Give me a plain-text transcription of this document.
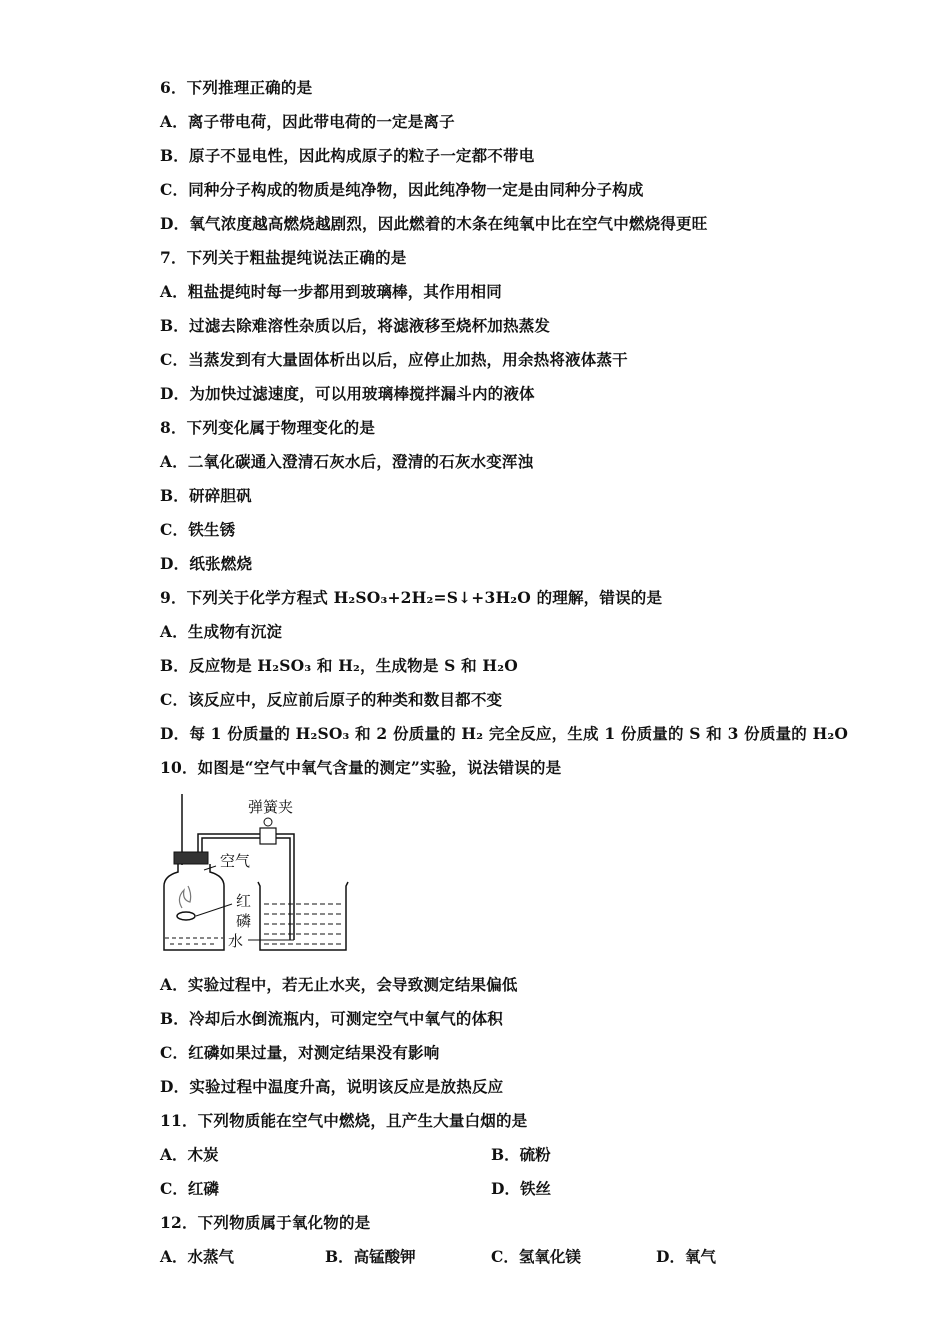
6．下列推理正确的是
A．离子带电荷，因此带电荷的一定是离子
B．原子不显电性，因此构成原子的粒子一定都不带电
C．同种分子构成的物质是纯净物，因此纯净物一定是由同种分子构成
D．氧气浓度越高燃烧越剧烈，因此燃着的木条在纯氧中比在空气中燃烧得更旺
7．下列关于粗盐提纯说法正确的是
A．粗盐提纯时每一步都用到玻璃棒，其作用相同
B．过滤去除难溶性杂质以后，将滤液移至烧杯加热蒸发
C．当蒸发到有大量固体析出以后，应停止加热，用余热将液体蒸干
D．为加快过滤速度，可以用玻璃棒搅拌漏斗内的液体
8．下列变化属于物理变化的是
A．二氧化碳通入澄清石灰水后，澄清的石灰水变浑浊
B．研碎胆矾
C．铁生锈
D．纸张燃烧
9．下列关于化学方程式 H₂SO₃+2H₂=S↓+3H₂O 的理解，错误的是
A．生成物有沉淀
B．反应物是 H₂SO₃ 和 H₂，生成物是 S 和 H₂O
C．该反应中，反应前后原子的种类和数目都不变
D．每 1 份质量的 H₂SO₃ 和 2 份质量的 H₂ 完全反应，生成 1 份质量的 S 和 3 份质量的 H₂O
10．如图是“空气中氧气含量的测定”实验，说法错误的是
弹簧夹
空气
红
磷
水
A．实验过程中，若无止水夹，会导致测定结果偏低
B．冷却后水倒流瓶内，可测定空气中氧气的体积
C．红磷如果过量，对测定结果没有影响
D．实验过程中温度升高，说明该反应是放热反应
11．下列物质能在空气中燃烧，且产生大量白烟的是
A．木炭	B．硫粉
C．红磷	D．铁丝
12．下列物质属于氧化物的是
A．水蒸气	B．高锰酸钾	C．氢氧化镁	D．氧气
